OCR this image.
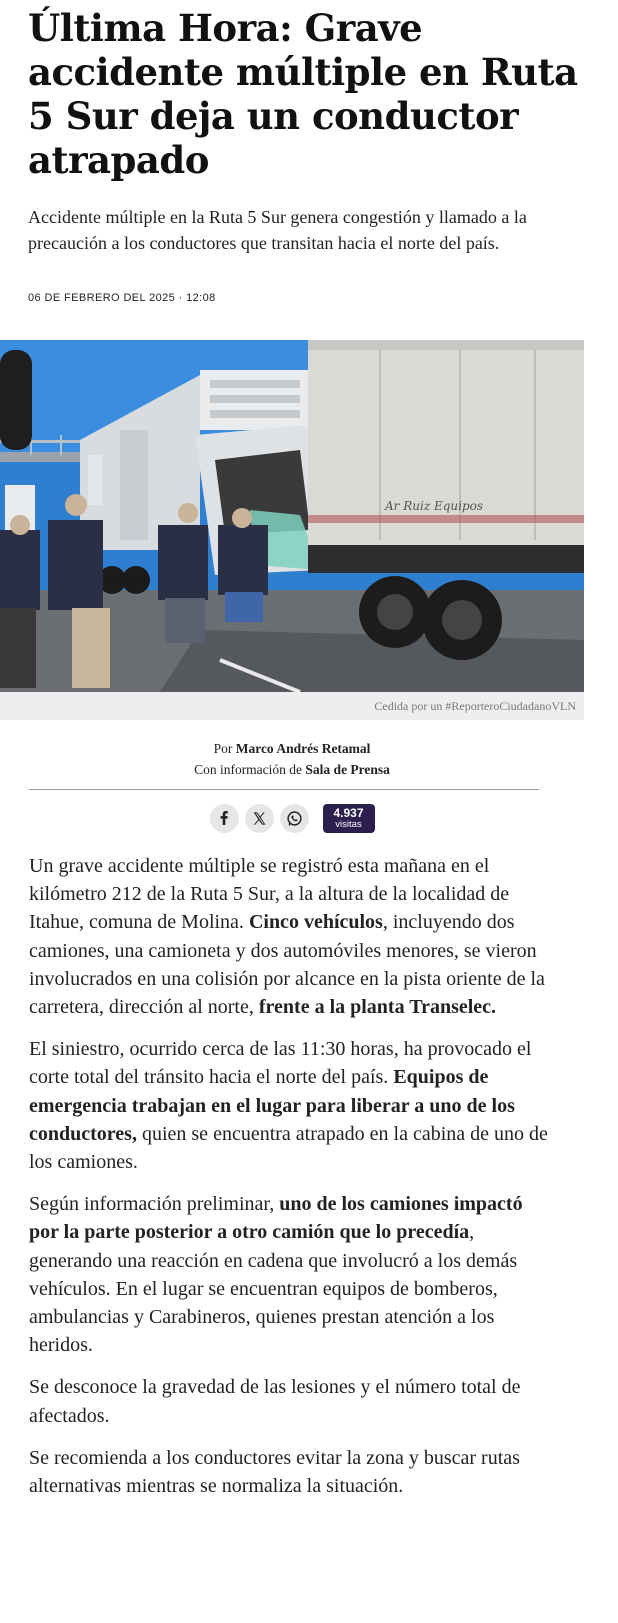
Última Hora: Grave accidente múltiple en Ruta 5 Sur deja un conductor atrapado

Accidente múltiple en la Ruta 5 Sur genera congestión y llamado a la precaución a los conductores que transitan hacia el norte del país.

06 DE FEBRERO DEL 2025 · 12:08
Ar Ruiz Equipos
Cedida por un #ReporteroCiudadanoVLN
Por Marco Andrés Retamal
Con información de Sala de Prensa
4.937
visitas

Un grave accidente múltiple se registró esta mañana en el kilómetro 212 de la Ruta 5 Sur, a la altura de la localidad de Itahue, comuna de Molina. Cinco vehículos, incluyendo dos camiones, una camioneta y dos automóviles menores, se vieron involucrados en una colisión por alcance en la pista oriente de la carretera, dirección al norte, frente a la planta Transelec.

El siniestro, ocurrido cerca de las 11:30 horas, ha provocado el corte total del tránsito hacia el norte del país. Equipos de emergencia trabajan en el lugar para liberar a uno de los conductores, quien se encuentra atrapado en la cabina de uno de los camiones.

Según información preliminar, uno de los camiones impactó por la parte posterior a otro camión que lo precedía, generando una reacción en cadena que involucró a los demás vehículos. En el lugar se encuentran equipos de bomberos, ambulancias y Carabineros, quienes prestan atención a los heridos.

Se desconoce la gravedad de las lesiones y el número total de afectados.

Se recomienda a los conductores evitar la zona y buscar rutas alternativas mientras se normaliza la situación.
